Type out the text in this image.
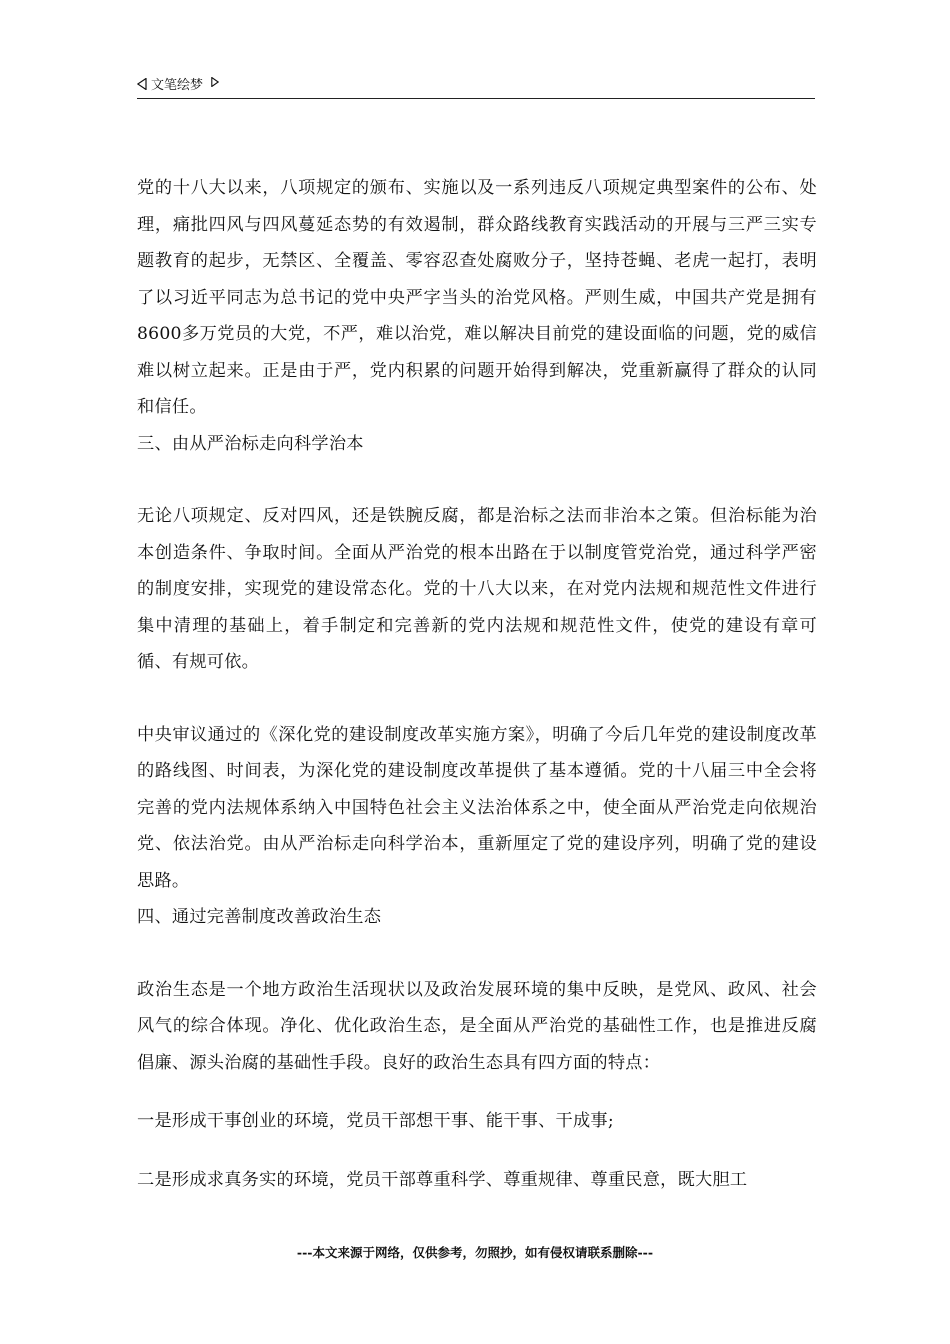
文笔绘梦

党的十八大以来，八项规定的颁布、实施以及一系列违反八项规定典型案件的公布、处理，痛批四风与四风蔓延态势的有效遏制，群众路线教育实践活动的开展与三严三实专题教育的起步，无禁区、全覆盖、零容忍查处腐败分子，坚持苍蝇、老虎一起打，表明了以习近平同志为总书记的党中央严字当头的治党风格。严则生威，中国共产党是拥有8600多万党员的大党，不严，难以治党，难以解决目前党的建设面临的问题，党的威信难以树立起来。正是由于严，党内积累的问题开始得到解决，党重新赢得了群众的认同和信任。

三、由从严治标走向科学治本

无论八项规定、反对四风，还是铁腕反腐，都是治标之法而非治本之策。但治标能为治本创造条件、争取时间。全面从严治党的根本出路在于以制度管党治党，通过科学严密的制度安排，实现党的建设常态化。党的十八大以来，在对党内法规和规范性文件进行集中清理的基础上，着手制定和完善新的党内法规和规范性文件，使党的建设有章可循、有规可依。

中央审议通过的《深化党的建设制度改革实施方案》，明确了今后几年党的建设制度改革的路线图、时间表，为深化党的建设制度改革提供了基本遵循。党的十八届三中全会将完善的党内法规体系纳入中国特色社会主义法治体系之中，使全面从严治党走向依规治党、依法治党。由从严治标走向科学治本，重新厘定了党的建设序列，明确了党的建设思路。

四、通过完善制度改善政治生态

政治生态是一个地方政治生活现状以及政治发展环境的集中反映，是党风、政风、社会风气的综合体现。净化、优化政治生态，是全面从严治党的基础性工作，也是推进反腐倡廉、源头治腐的基础性手段。良好的政治生态具有四方面的特点：

一是形成干事创业的环境，党员干部想干事、能干事、干成事;

二是形成求真务实的环境，党员干部尊重科学、尊重规律、尊重民意，既大胆工

---本文来源于网络，仅供参考，勿照抄，如有侵权请联系删除---
